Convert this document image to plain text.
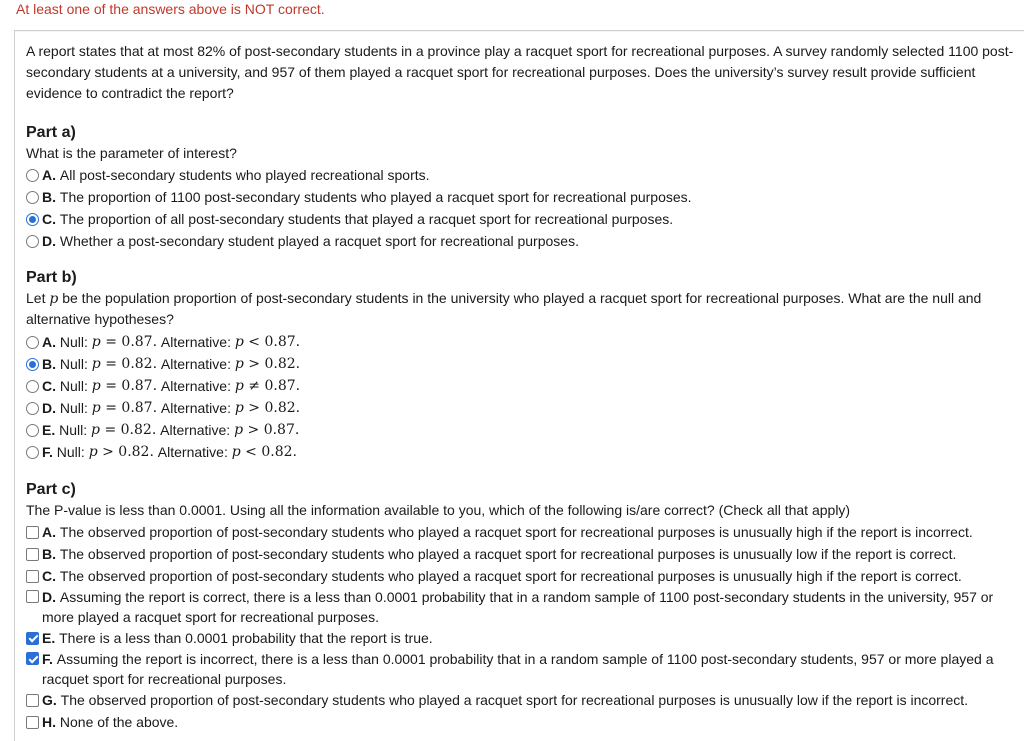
At least one of the answers above is NOT correct.

A report states that at most 82% of post-secondary students in a province play a racquet sport for recreational purposes. A survey randomly selected 1100 post-secondary students at a university, and 957 of them played a racquet sport for recreational purposes. Does the university’s survey result provide sufficient evidence to contradict the report?

Part a)

What is the parameter of interest?

A. All post-secondary students who played recreational sports.
B. The proportion of 1100 post-secondary students who played a racquet sport for recreational purposes.
C. The proportion of all post-secondary students that played a racquet sport for recreational purposes.
D. Whether a post-secondary student played a racquet sport for recreational purposes.

Part b)

Let p be the population proportion of post-secondary students in the university who played a racquet sport for recreational purposes. What are the null and alternative hypotheses?

A. Null: p = 0.87. Alternative: p < 0.87.
B. Null: p = 0.82. Alternative: p > 0.82.
C. Null: p = 0.87. Alternative: p ≠ 0.87.
D. Null: p = 0.87. Alternative: p > 0.82.
E. Null: p = 0.82. Alternative: p > 0.87.
F. Null: p > 0.82. Alternative: p < 0.82.

Part c)

The P-value is less than 0.0001. Using all the information available to you, which of the following is/are correct? (Check all that apply)

A. The observed proportion of post-secondary students who played a racquet sport for recreational purposes is unusually high if the report is incorrect.
B. The observed proportion of post-secondary students who played a racquet sport for recreational purposes is unusually low if the report is correct.
C. The observed proportion of post-secondary students who played a racquet sport for recreational purposes is unusually high if the report is correct.
D. Assuming the report is correct, there is a less than 0.0001 probability that in a random sample of 1100 post-secondary students in the university, 957 or more played a racquet sport for recreational purposes.
E. There is a less than 0.0001 probability that the report is true.
F. Assuming the report is incorrect, there is a less than 0.0001 probability that in a random sample of 1100 post-secondary students, 957 or more played a racquet sport for recreational purposes.
G. The observed proportion of post-secondary students who played a racquet sport for recreational purposes is unusually low if the report is incorrect.
H. None of the above.
